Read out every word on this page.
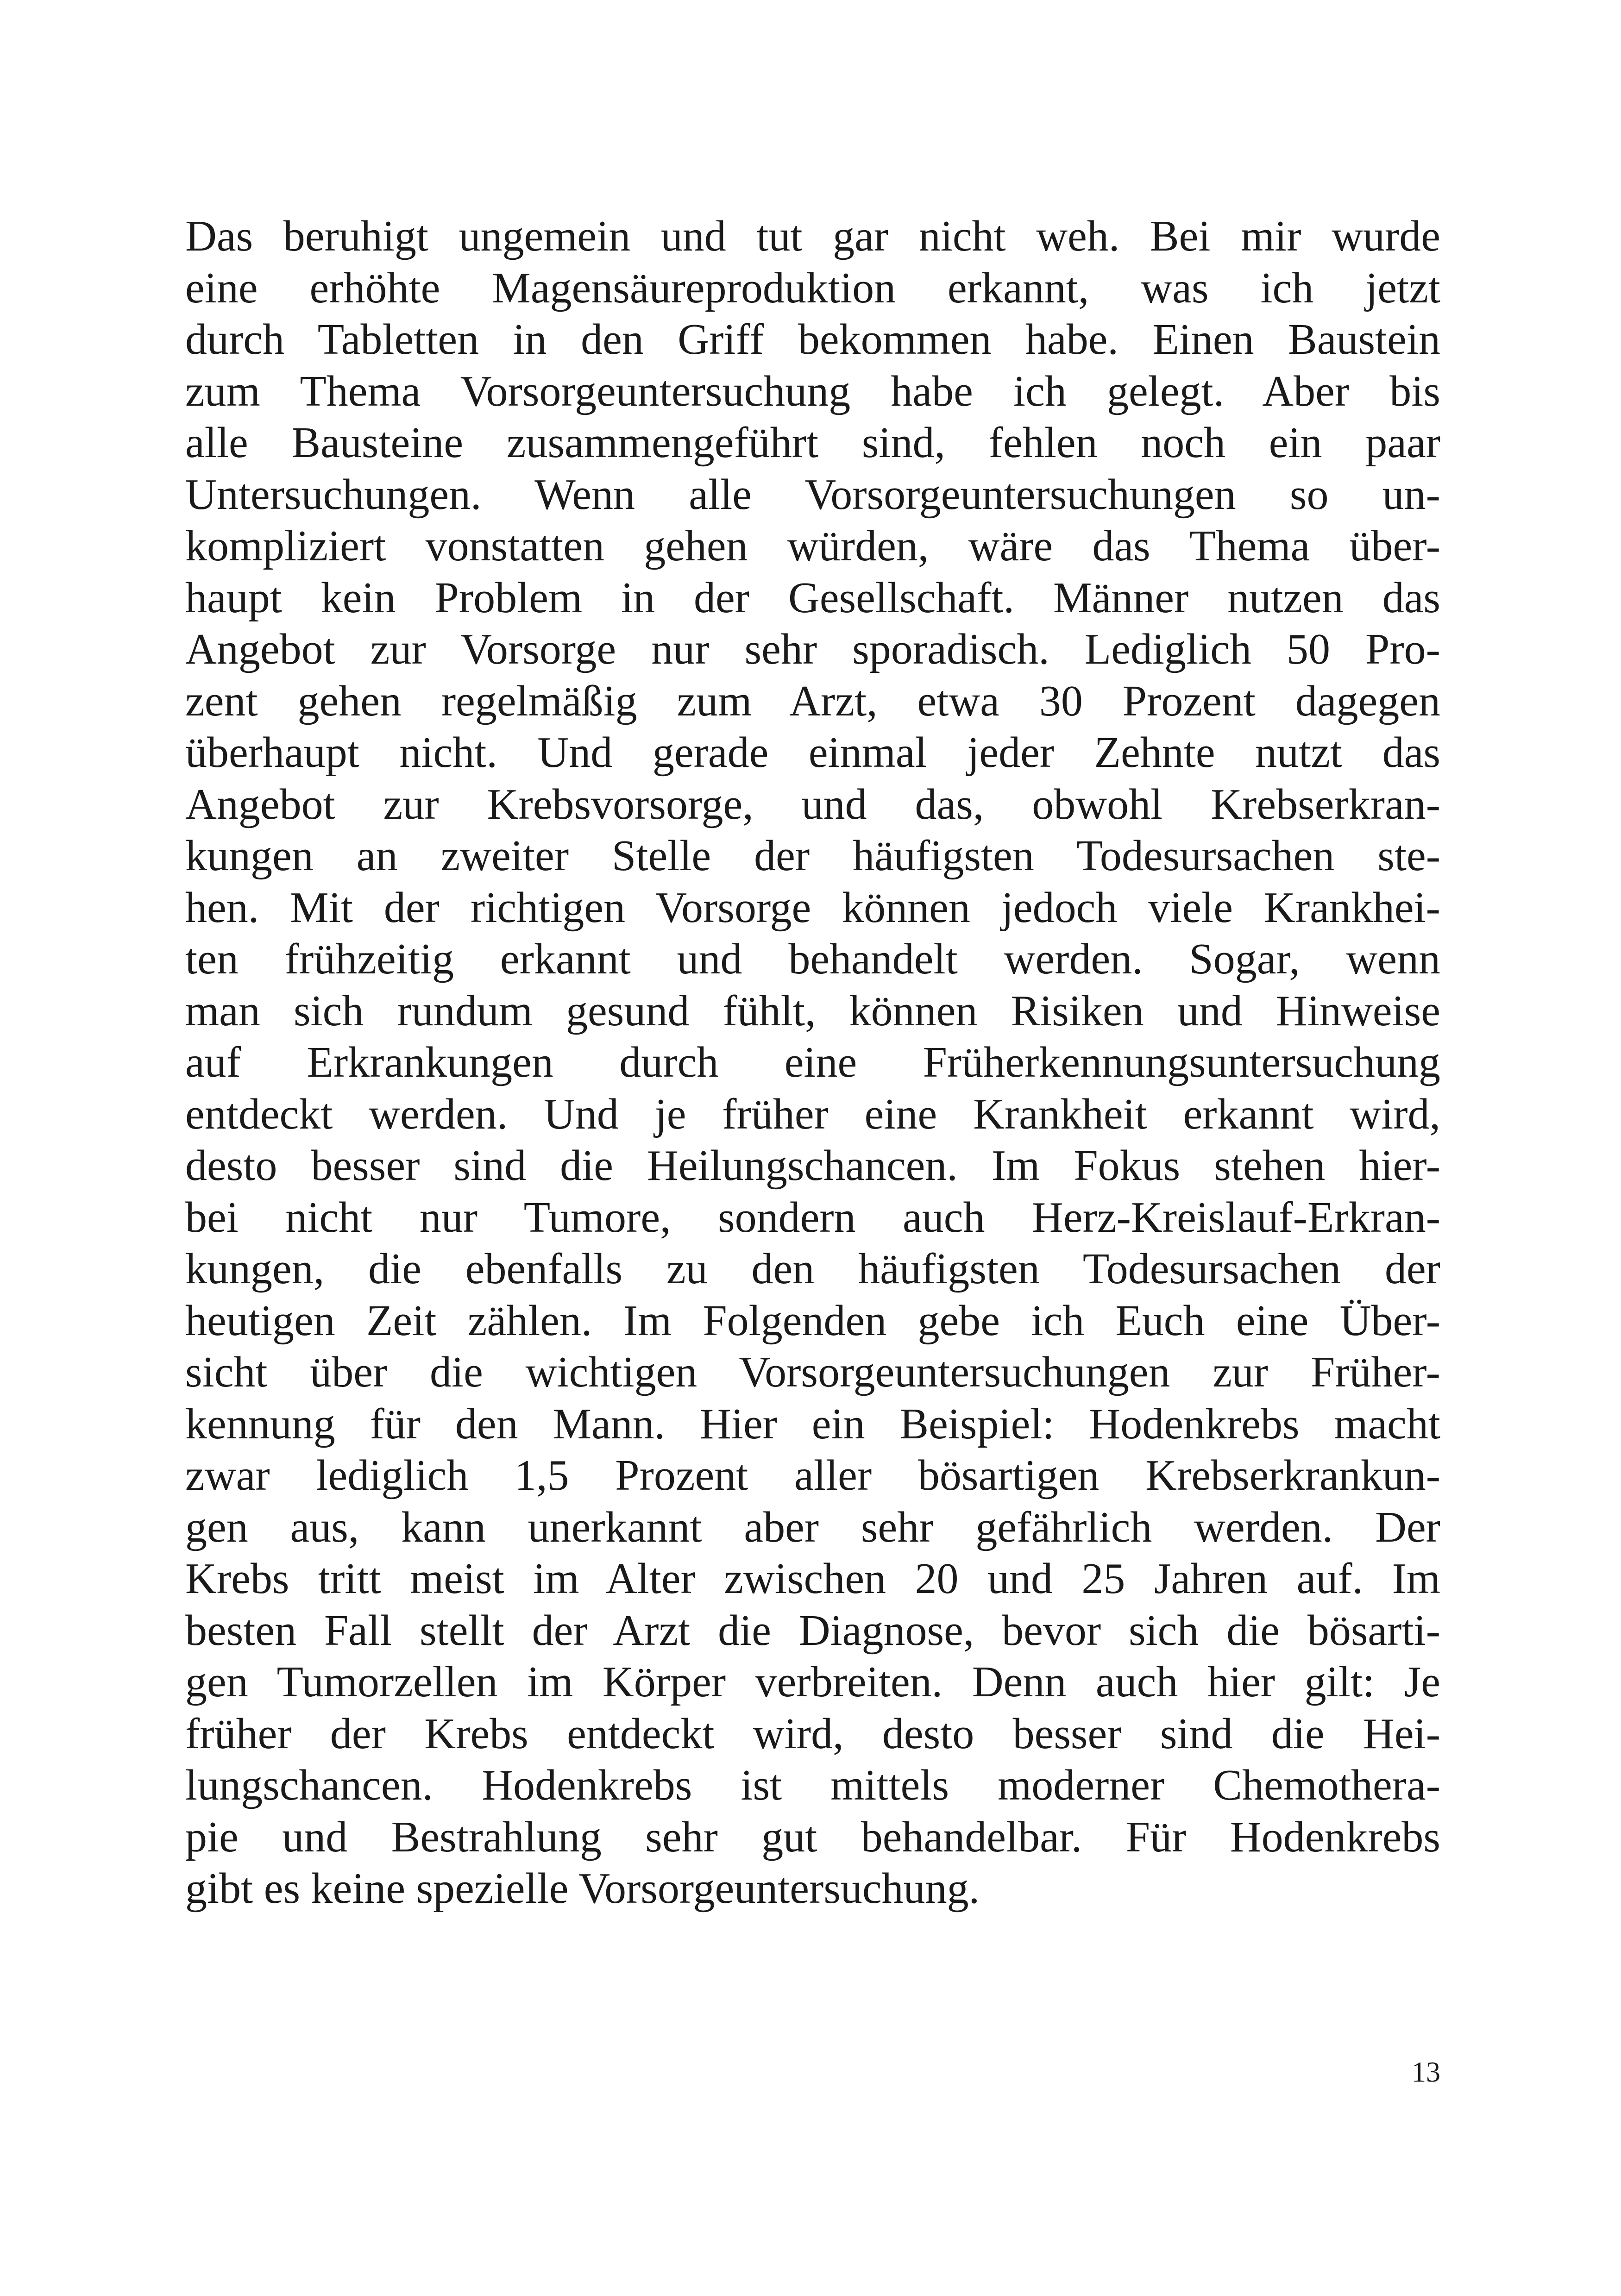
Das beruhigt ungemein und tut gar nicht weh. Bei mir wurde
eine erhöhte Magensäureproduktion erkannt, was ich jetzt
durch Tabletten in den Griff bekommen habe. Einen Baustein
zum Thema Vorsorgeuntersuchung habe ich gelegt. Aber bis
alle Bausteine zusammengeführt sind, fehlen noch ein paar
Untersuchungen. Wenn alle Vorsorgeuntersuchungen so un-
kompliziert vonstatten gehen würden, wäre das Thema über-
haupt kein Problem in der Gesellschaft. Männer nutzen das
Angebot zur Vorsorge nur sehr sporadisch. Lediglich 50 Pro-
zent gehen regelmäßig zum Arzt, etwa 30 Prozent dagegen
überhaupt nicht. Und gerade einmal jeder Zehnte nutzt das
Angebot zur Krebsvorsorge, und das, obwohl Krebserkran-
kungen an zweiter Stelle der häufigsten Todesursachen ste-
hen. Mit der richtigen Vorsorge können jedoch viele Krankhei-
ten frühzeitig erkannt und behandelt werden. Sogar, wenn
man sich rundum gesund fühlt, können Risiken und Hinweise
auf Erkrankungen durch eine Früherkennungsuntersuchung
entdeckt werden. Und je früher eine Krankheit erkannt wird,
desto besser sind die Heilungschancen. Im Fokus stehen hier-
bei nicht nur Tumore, sondern auch Herz-Kreislauf-Erkran-
kungen, die ebenfalls zu den häufigsten Todesursachen der
heutigen Zeit zählen. Im Folgenden gebe ich Euch eine Über-
sicht über die wichtigen Vorsorgeuntersuchungen zur Früher-
kennung für den Mann. Hier ein Beispiel: Hodenkrebs macht
zwar lediglich 1,5 Prozent aller bösartigen Krebserkrankun-
gen aus, kann unerkannt aber sehr gefährlich werden. Der
Krebs tritt meist im Alter zwischen 20 und 25 Jahren auf. Im
besten Fall stellt der Arzt die Diagnose, bevor sich die bösarti-
gen Tumorzellen im Körper verbreiten. Denn auch hier gilt: Je
früher der Krebs entdeckt wird, desto besser sind die Hei-
lungschancen. Hodenkrebs ist mittels moderner Chemothera-
pie und Bestrahlung sehr gut behandelbar. Für Hodenkrebs
gibt es keine spezielle Vorsorgeuntersuchung.
13
